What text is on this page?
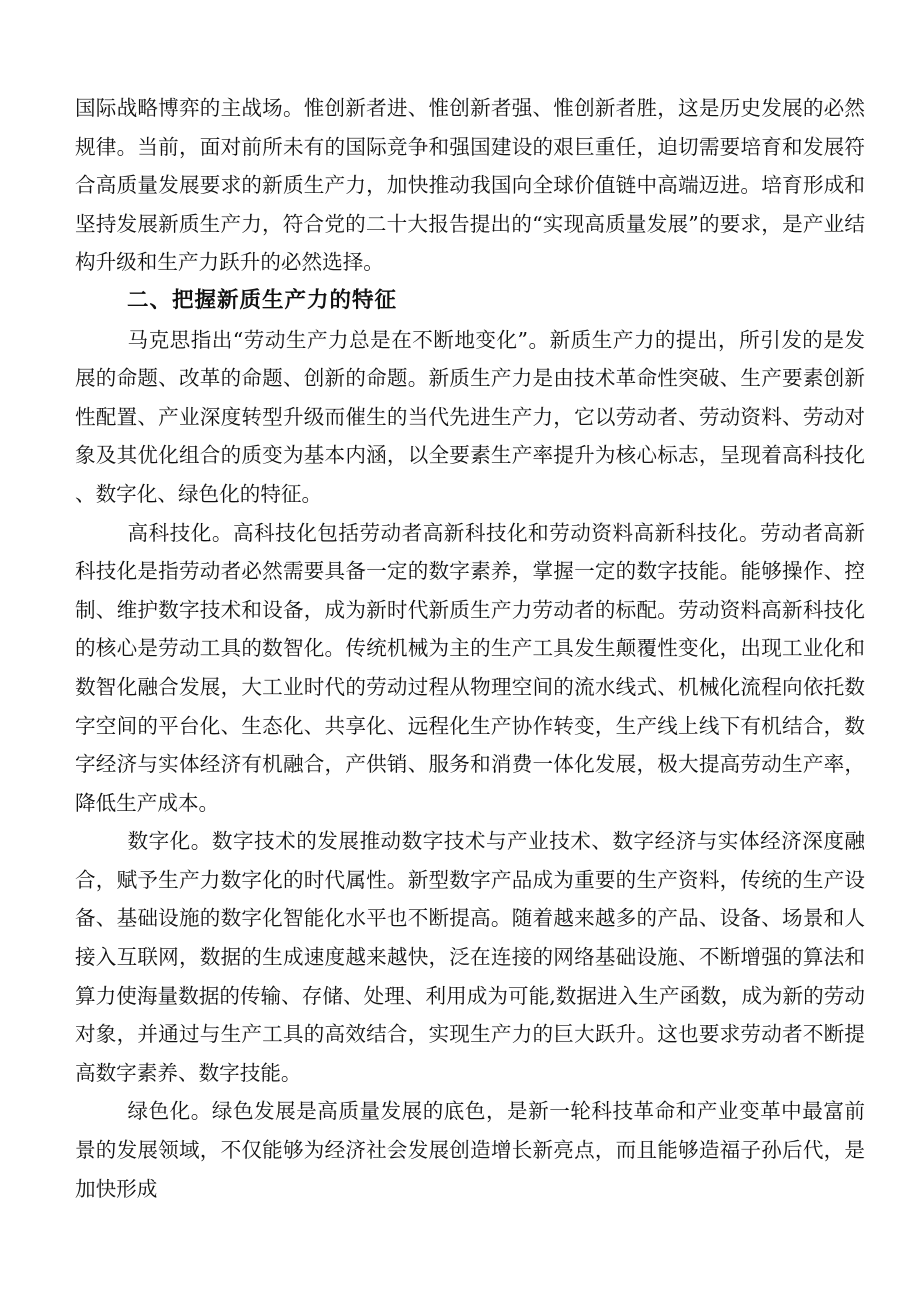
国际战略博弈的主战场。惟创新者进、惟创新者强、惟创新者胜，这是历史发展的必然规律。当前，面对前所未有的国际竞争和强国建设的艰巨重任，迫切需要培育和发展符合高质量发展要求的新质生产力，加快推动我国向全球价值链中高端迈进。培育形成和坚持发展新质生产力，符合党的二十大报告提出的“实现高质量发展”的要求，是产业结构升级和生产力跃升的必然选择。

二、把握新质生产力的特征

马克思指出“劳动生产力总是在不断地变化”。新质生产力的提出，所引发的是发展的命题、改革的命题、创新的命题。新质生产力是由技术革命性突破、生产要素创新性配置、产业深度转型升级而催生的当代先进生产力，它以劳动者、劳动资料、劳动对象及其优化组合的质变为基本内涵，以全要素生产率提升为核心标志，呈现着高科技化、数字化、绿色化的特征。

高科技化。高科技化包括劳动者高新科技化和劳动资料高新科技化。劳动者高新科技化是指劳动者必然需要具备一定的数字素养，掌握一定的数字技能。能够操作、控制、维护数字技术和设备，成为新时代新质生产力劳动者的标配。劳动资料高新科技化的核心是劳动工具的数智化。传统机械为主的生产工具发生颠覆性变化，出现工业化和数智化融合发展，大工业时代的劳动过程从物理空间的流水线式、机械化流程向依托数字空间的平台化、生态化、共享化、远程化生产协作转变，生产线上线下有机结合，数字经济与实体经济有机融合，产供销、服务和消费一体化发展，极大提高劳动生产率，降低生产成本。

数字化。数字技术的发展推动数字技术与产业技术、数字经济与实体经济深度融合，赋予生产力数字化的时代属性。新型数字产品成为重要的生产资料，传统的生产设备、基础设施的数字化智能化水平也不断提高。随着越来越多的产品、设备、场景和人接入互联网，数据的生成速度越来越快，泛在连接的网络基础设施、不断增强的算法和算力使海量数据的传输、存储、处理、利用成为可能,数据进入生产函数，成为新的劳动对象，并通过与生产工具的高效结合，实现生产力的巨大跃升。这也要求劳动者不断提高数字素养、数字技能。

绿色化。绿色发展是高质量发展的底色，是新一轮科技革命和产业变革中最富前景的发展领域，不仅能够为经济社会发展创造增长新亮点，而且能够造福子孙后代，是加快形成
